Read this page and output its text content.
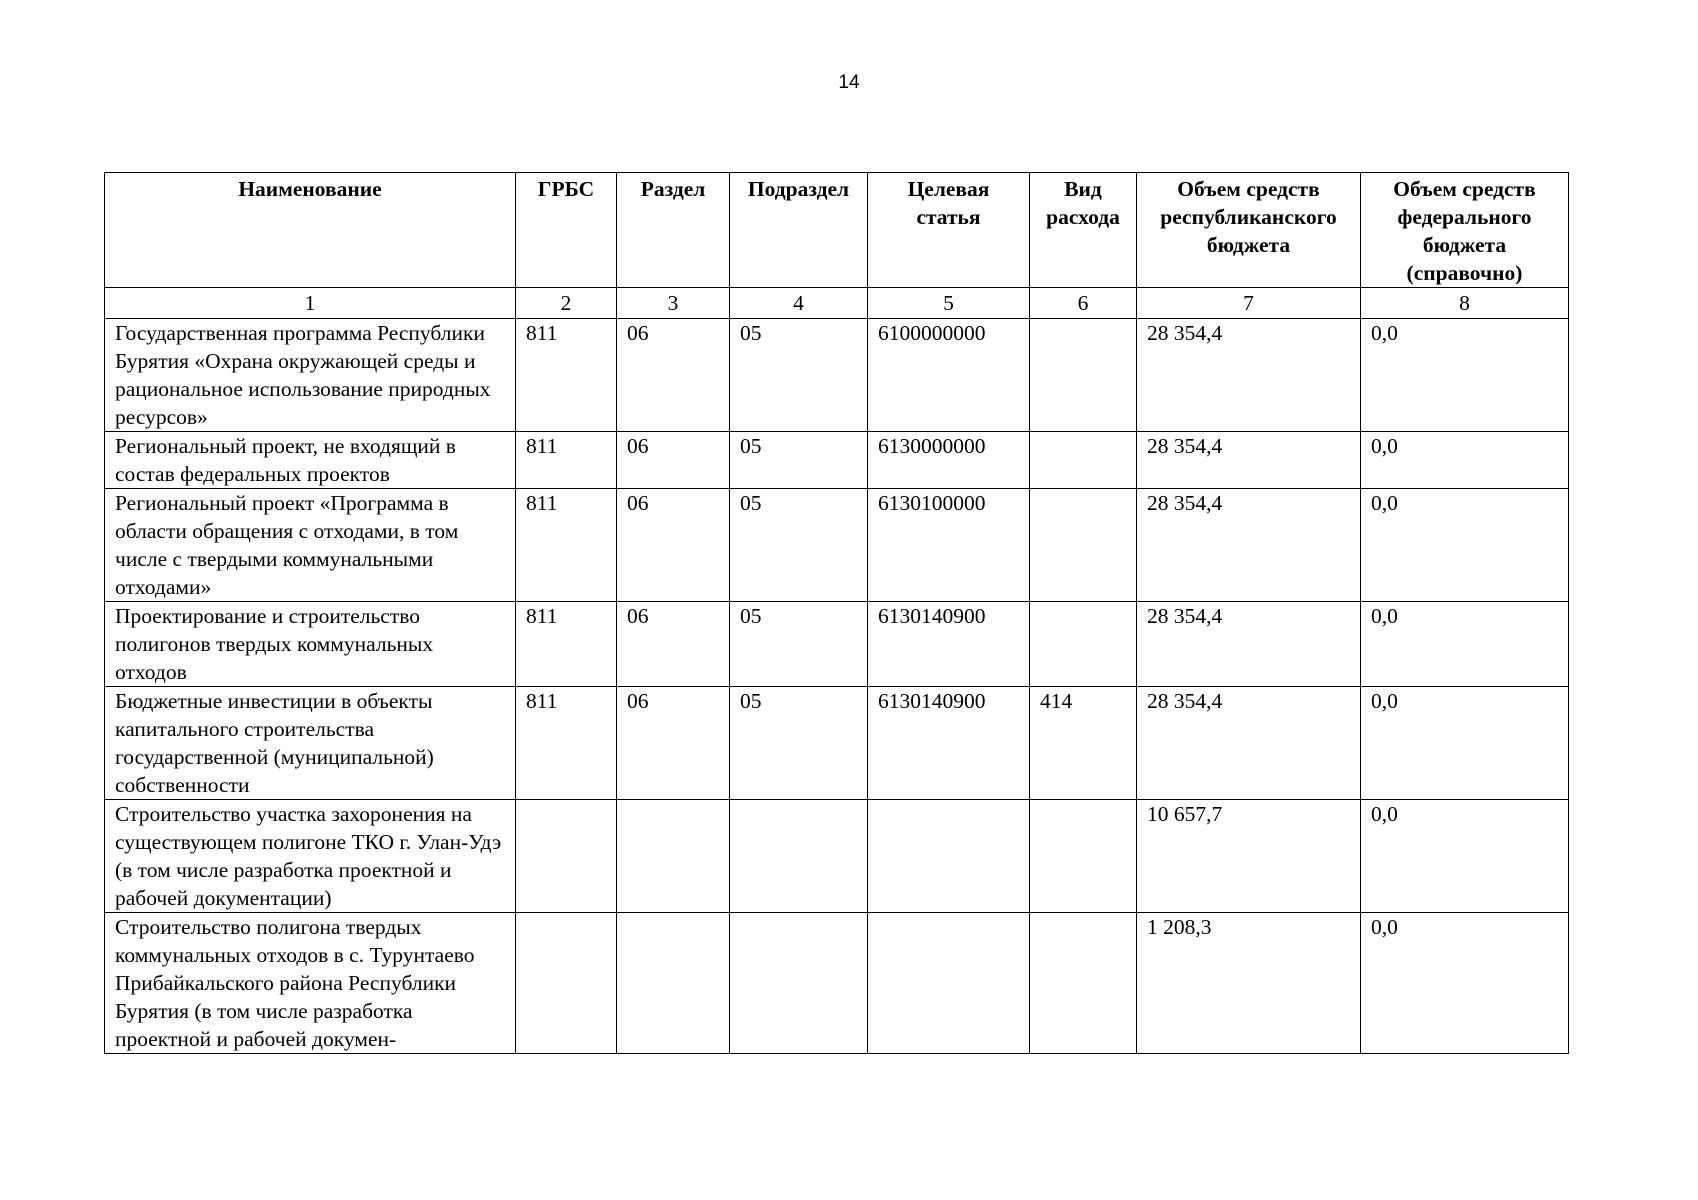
14
Наименование	ГРБС	Раздел	Подраздел	Целевая статья	Вид расхода	Объем средств республиканского бюджета	Объем средств федерального бюджета (справочно)
1	2	3	4	5	6	7	8
Государственная программа Республики Бурятия «Охрана окружающей среды и рациональное использование природных ресурсов»	811	06	05	6100000000		28 354,4	0,0
Региональный проект, не входящий в состав федеральных проектов	811	06	05	6130000000		28 354,4	0,0
Региональный проект «Программа в области обращения с отходами, в том числе с твердыми коммунальными отходами»	811	06	05	6130100000		28 354,4	0,0
Проектирование и строительство полигонов твердых коммунальных отходов	811	06	05	6130140900		28 354,4	0,0
Бюджетные инвестиции в объекты капитального строительства государственной (муниципальной) собственности	811	06	05	6130140900	414	28 354,4	0,0
Строительство участка захоронения на существующем полигоне ТКО г. Улан-Удэ (в том числе разработка проектной и рабочей документации)						10 657,7	0,0
Строительство полигона твердых коммунальных отходов в с. Турунтаево Прибайкальского района Республики Бурятия (в том числе разработка проектной и рабочей докумен-						1 208,3	0,0
